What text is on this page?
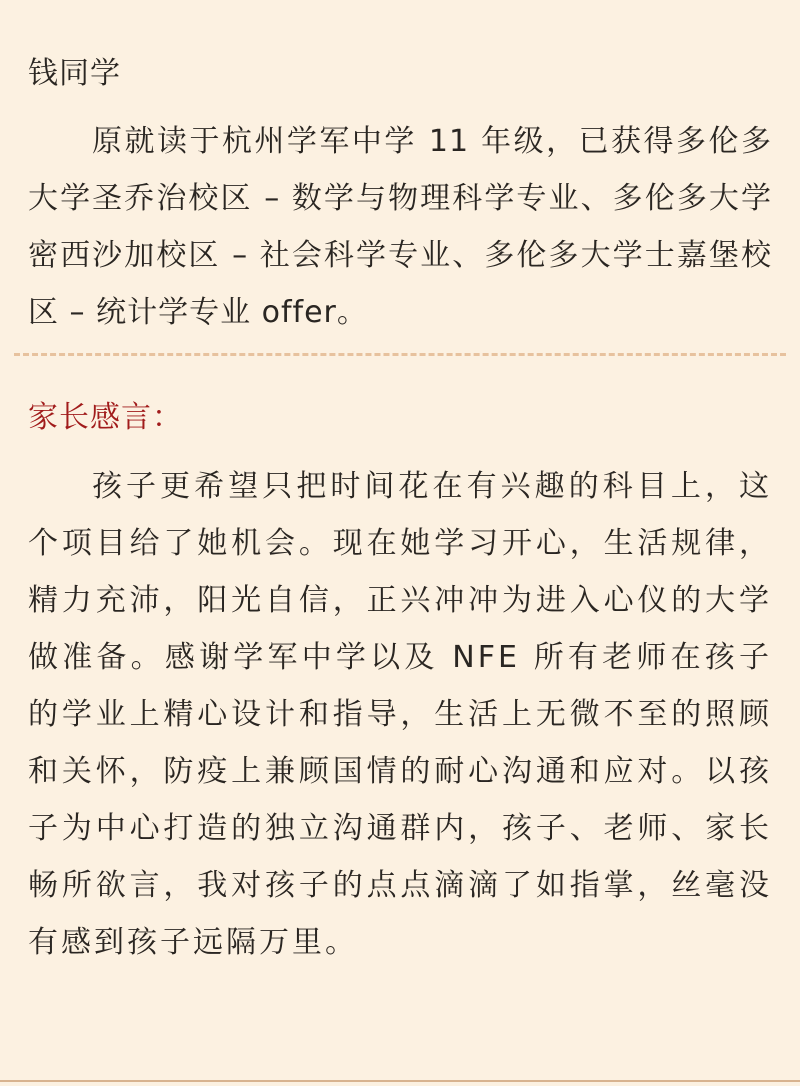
钱同学
原就读于杭州学军中学 11 年级，已获得多伦多大学圣乔治校区 – 数学与物理科学专业、多伦多大学密西沙加校区 – 社会科学专业、多伦多大学士嘉堡校区 – 统计学专业 offer。
家长感言：
孩子更希望只把时间花在有兴趣的科目上，这个项目给了她机会。现在她学习开心，生活规律，精力充沛，阳光自信，正兴冲冲为进入心仪的大学做准备。感谢学军中学以及 NFE 所有老师在孩子的学业上精心设计和指导，生活上无微不至的照顾和关怀，防疫上兼顾国情的耐心沟通和应对。以孩子为中心打造的独立沟通群内，孩子、老师、家长畅所欲言，我对孩子的点点滴滴了如指掌，丝毫没有感到孩子远隔万里。
